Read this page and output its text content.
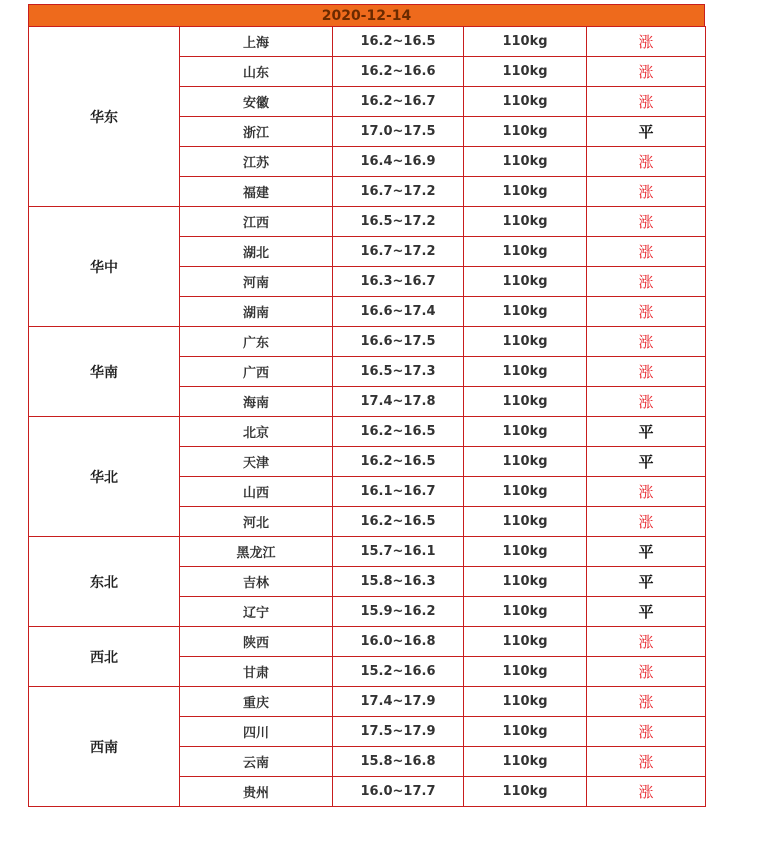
2020-12-14
华东	上海	16.2~16.5	110kg	涨
	山东	16.2~16.6	110kg	涨
	安徽	16.2~16.7	110kg	涨
	浙江	17.0~17.5	110kg	平
	江苏	16.4~16.9	110kg	涨
	福建	16.7~17.2	110kg	涨
华中	江西	16.5~17.2	110kg	涨
	湖北	16.7~17.2	110kg	涨
	河南	16.3~16.7	110kg	涨
	湖南	16.6~17.4	110kg	涨
华南	广东	16.6~17.5	110kg	涨
	广西	16.5~17.3	110kg	涨
	海南	17.4~17.8	110kg	涨
华北	北京	16.2~16.5	110kg	平
	天津	16.2~16.5	110kg	平
	山西	16.1~16.7	110kg	涨
	河北	16.2~16.5	110kg	涨
东北	黑龙江	15.7~16.1	110kg	平
	吉林	15.8~16.3	110kg	平
	辽宁	15.9~16.2	110kg	平
西北	陕西	16.0~16.8	110kg	涨
	甘肃	15.2~16.6	110kg	涨
西南	重庆	17.4~17.9	110kg	涨
	四川	17.5~17.9	110kg	涨
	云南	15.8~16.8	110kg	涨
	贵州	16.0~17.7	110kg	涨
